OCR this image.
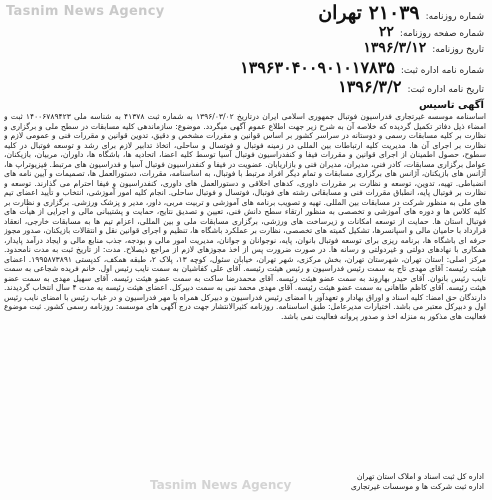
Tasnim News Agency	شماره روزنامه:
۲۱۰۳۹ تهران
شماره صفحه روزنامه:
۲۲
تاریخ روزنامه:
۱۳۹۶/۳/۱۲
شماره نامه اداره ثبت:
۱۳۹۶۳۰۴۰۰۹۰۱۰۱۷۸۳۵
تاریخ نامه اداره ثبت:
۱۳۹۶/۳/۲
آگهی تاسیس
اساسنامه موسسه غیرتجاری فدراسیون فوتبال جمهوری اسلامی ایران درتاریخ ۱۳۹۶/۰۳/۰۲ به شماره ثبت ۴۱۳۷۸ به شناسه ملی ۱۴۰۰۶۷۸۹۴۲۳ ثبت و امضاء ذیل دفاتر تکمیل گردیده که خلاصه آن به شرح زیر جهت اطلاع عموم آگهی میگردد. موضوع: سازماندهی کلیه مسابقات در سطح ملی و برگزاری و نظارت بر کلیه مسابقات رسمی و دوستانه در سراسر کشور بر اساس قوانین و مقررات مشخص و دقیق، تدوین قوانین و مقررات فنی و عمومی لازم و نظارت بر اجرای آن ها. مدیریت کلیه ارتباطات بین المللی در زمینه فوتبال و فوتسال و ساحلی، اتخاذ تدابیر لازم برای رشد و توسعه فوتبال در کلیه سطوح، حصول اطمینان از اجرای قوانین و مقررات فیفا و کنفدراسیون فوتبال آسیا توسط کلیه اعضا، اتحادیه ها، باشگاه ها، داوران، مربیان، بازیکنان، عوامل برگزاری مسابقات، کادر فنی، مدیران، مدیران فنی و بازاریابان. عضویت در فیفا و کنفدراسیون فوتبال آسیا و فدراسیون های مرتبط. فیزیوتراپ ها، آژانس های بازیکنان، آژانس های برگزاری مسابقات و تمام دیگر افراد مرتبط با فوتبال، به اساسنامه، مقررات، دستورالعمل ها، تصمیمات و آیین نامه های انضباطی. تهیه، تدوین، توسعه و نظارت بر مقررات داوری، کدهای اخلاقی و دستورالعمل های داوری، کنفدراسیون و فیفا احترام می گذارند. توسعه و نظارت بر فوتبال پایه، انطباق مقررات فنی و مسابقاتی رشته های فوتبال، فوتسال و فوتبال ساحلی. انجام کلیه امور آموزشی، انتخاب و تأیید اعضای تیم های ملی به منظور شرکت در مسابقات بین المللی. تهیه و تصویب برنامه های آموزشی و تربیت مربی، داور، مدیر و پزشک ورزشی. برگزاری و نظارت بر کلیه کلاس ها و دوره های آموزشی و تخصصی به منظور ارتقاء سطح دانش فنی، تعیین و تصدیق نتایج، حمایت و پشتیبانی مالی و اجرایی از هیأت های فوتبال استان ها. حمایت از توسعه امکانات و زیرساخت های ورزشی، برگزاری مسابقات ملی و بین المللی، اعزام تیم ها به مسابقات خارجی، انعقاد قرارداد با حامیان مالی و اسپانسرها، تشکیل کمیته های تخصصی، نظارت بر عملکرد باشگاه ها، تنظیم و اجرای قوانین نقل و انتقالات بازیکنان، صدور مجوز حرفه ای باشگاه ها، برنامه ریزی برای توسعه فوتبال بانوان، پایه، نوجوانان و جوانان، مدیریت امور مالی و بودجه، جذب منابع مالی و ایجاد درآمد پایدار، همکاری با نهادهای دولتی و غیردولتی و رسانه ها. در صورت ضرورت پس از اخذ مجوزهای لازم از مراجع ذیصلاح. مدت: از تاریخ ثبت به مدت نامحدود. مرکز اصلی: استان تهران، شهرستان تهران، بخش مرکزی، شهر تهران، خیابان سئول، کوچه ۱۳، پلاک ۲، طبقه همکف، کدپستی ۱۹۹۵۸۷۳۸۹۱. اعضای هیئت رئیسه: آقای مهدی تاج به سمت رئیس فدراسیون و رئیس هیئت رئیسه. آقای علی کفاشیان به سمت نایب رئیس اول. خانم فریده شجاعی به سمت نایب رئیس بانوان. آقای حیدر بهاروند به سمت عضو هیئت رئیسه. آقای محمدرضا ساکت به سمت عضو هیئت رئیسه. آقای سهیل مهدی به سمت عضو هیئت رئیسه. آقای کاظم طاهانی به سمت عضو هیئت رئیسه. آقای مهدی محمد نبی به سمت دبیرکل. اعضای هیئت رئیسه به مدت ۴ سال انتخاب گردیدند. دارندگان حق امضا: کلیه اسناد و اوراق بهادار و تعهدآور با امضای رئیس فدراسیون و دبیرکل همراه با مهر فدراسیون و در غیاب رئیس با امضای نایب رئیس اول و دبیرکل معتبر می باشد. اختیارات مدیرعامل: طبق اساسنامه. روزنامه کثیرالانتشار جهت درج آگهی های موسسه: روزنامه رسمی کشور. ثبت موضوع فعالیت های مذکور به منزله اخذ و صدور پروانه فعالیت نمی باشد.
اداره کل ثبت اسناد و املاک استان تهران
اداره ثبت شرکت ها و موسسات غیرتجاری
Tasnim News Agency
